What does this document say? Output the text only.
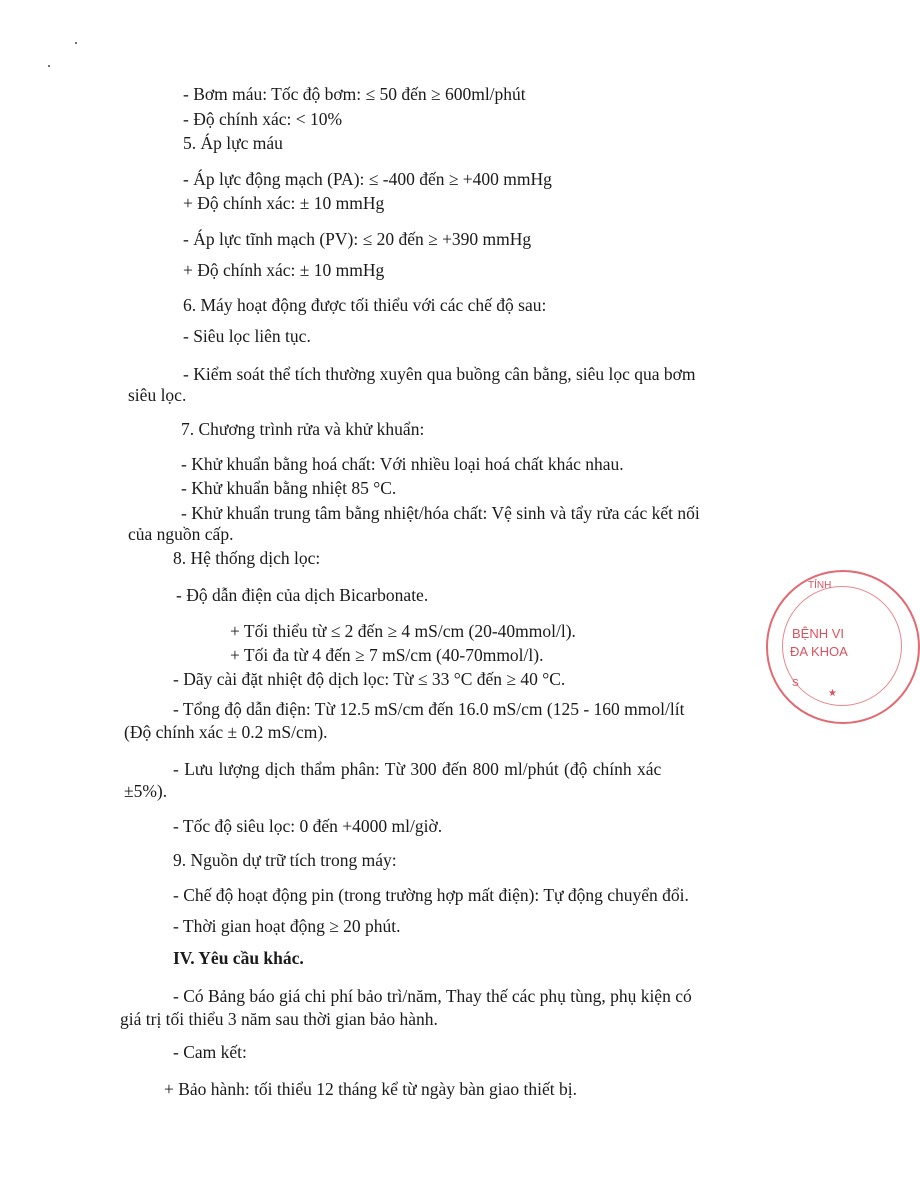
- Bơm máu: Tốc độ bơm: ≤ 50 đến ≥ 600ml/phút
- Độ chính xác: < 10%
5. Áp lực máu
- Áp lực động mạch (PA): ≤ -400 đến ≥ +400 mmHg
+ Độ chính xác: ± 10 mmHg
- Áp lực tĩnh mạch (PV): ≤ 20 đến ≥ +390 mmHg
+ Độ chính xác: ± 10 mmHg
6. Máy hoạt động được tối thiểu với các chế độ sau:
- Siêu lọc liên tục.
- Kiểm soát thể tích thường xuyên qua buồng cân bằng, siêu lọc qua bơm
siêu lọc.
7. Chương trình rửa và khử khuẩn:
- Khử khuẩn bằng hoá chất: Với nhiều loại hoá chất khác nhau.
- Khử khuẩn bằng nhiệt 85 °C.
- Khử khuẩn trung tâm bằng nhiệt/hóa chất: Vệ sinh và tẩy rửa các kết nối
của nguồn cấp.
8. Hệ thống dịch lọc:
- Độ dẫn điện của dịch Bicarbonate.
+ Tối thiểu từ ≤ 2 đến ≥ 4 mS/cm (20-40mmol/l).
+ Tối đa từ 4 đến ≥ 7 mS/cm (40-70mmol/l).
- Dãy cài đặt nhiệt độ dịch lọc: Từ ≤ 33 °C đến ≥ 40 °C.
- Tổng độ dẫn điện: Từ 12.5 mS/cm đến 16.0 mS/cm (125 - 160 mmol/lít
(Độ chính xác ± 0.2 mS/cm).
- Lưu lượng dịch thẩm phân: Từ 300 đến 800 ml/phút (độ chính xác
±5%).
- Tốc độ siêu lọc: 0 đến +4000 ml/giờ.
9. Nguồn dự trữ tích trong máy:
- Chế độ hoạt động pin (trong trường hợp mất điện): Tự động chuyển đổi.
- Thời gian hoạt động ≥ 20 phút.
IV. Yêu cầu khác.
- Có Bảng báo giá chi phí bảo trì/năm, Thay thế các phụ tùng, phụ kiện có
giá trị tối thiểu 3 năm sau thời gian bảo hành.
- Cam kết:
+ Bảo hành: tối thiểu 12 tháng kể từ ngày bàn giao thiết bị.
TỈNH
BỆNH VI
ĐA KHOA
★
S
